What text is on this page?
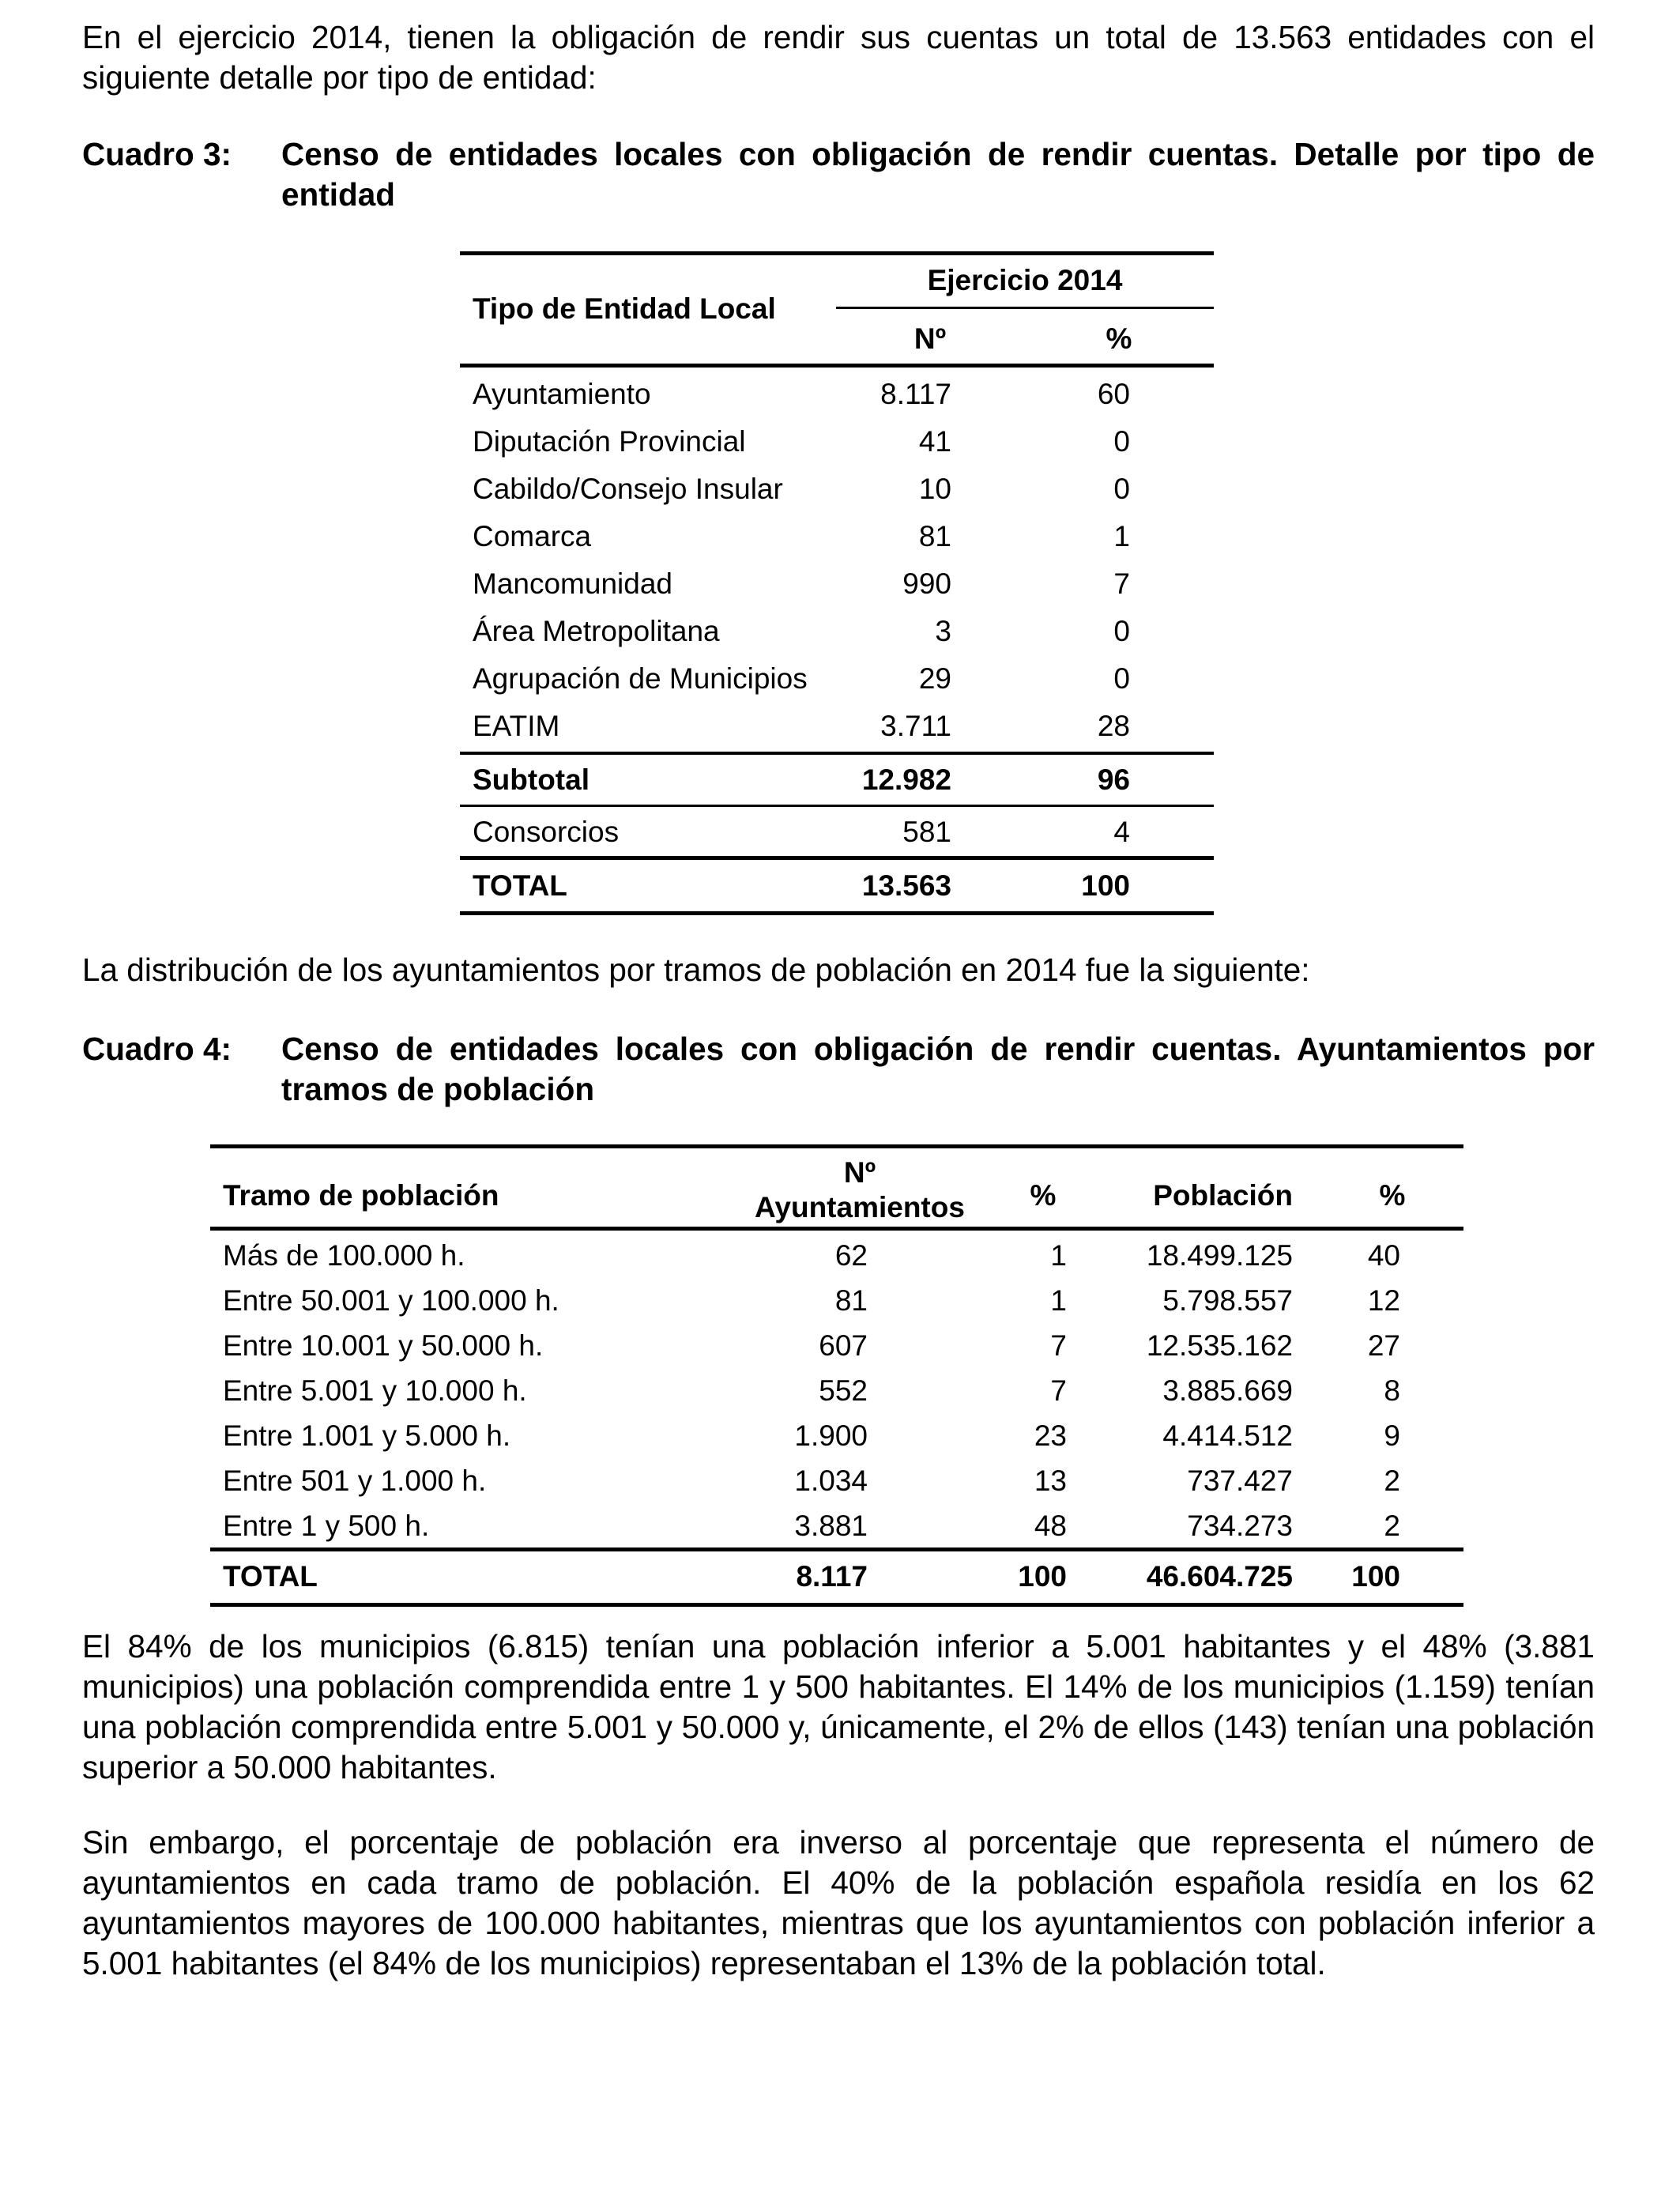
En el ejercicio 2014, tienen la obligación de rendir sus cuentas un total de 13.563 entidades con el siguiente detalle por tipo de entidad:

Cuadro 3: Censo de entidades locales con obligación de rendir cuentas. Detalle por tipo de entidad
Tipo de Entidad Local
Ejercicio 2014
Nº	%
Ayuntamiento	8.117	60
Diputación Provincial	41	0
Cabildo/Consejo Insular	10	0
Comarca	81	1
Mancomunidad	990	7
Área Metropolitana	3	0
Agrupación de Municipios	29	0
EATIM	3.711	28
Subtotal	12.982	96
Consorcios	581	4
TOTAL	13.563	100

La distribución de los ayuntamientos por tramos de población en 2014 fue la siguiente:

Cuadro 4: Censo de entidades locales con obligación de rendir cuentas. Ayuntamientos por tramos de población
Tramo de población
Nº
Ayuntamientos	%	Población	%
Más de 100.000 h.	62	1	18.499.125	40
Entre 50.001 y 100.000 h.	81	1	5.798.557	12
Entre 10.001 y 50.000 h.	607	7	12.535.162	27
Entre 5.001 y 10.000 h.	552	7	3.885.669	8
Entre 1.001 y 5.000 h.	1.900	23	4.414.512	9
Entre 501 y 1.000 h.	1.034	13	737.427	2
Entre 1 y 500 h.	3.881	48	734.273	2
TOTAL	8.117	100	46.604.725 100

El 84% de los municipios (6.815) tenían una población inferior a 5.001 habitantes y el 48% (3.881 municipios) una población comprendida entre 1 y 500 habitantes. El 14% de los municipios (1.159) tenían una población comprendida entre 5.001 y 50.000 y, únicamente, el 2% de ellos (143) tenían una población superior a 50.000 habitantes.

Sin embargo, el porcentaje de población era inverso al porcentaje que representa el número de ayuntamientos en cada tramo de población. El 40% de la población española residía en los 62 ayuntamientos mayores de 100.000 habitantes, mientras que los ayuntamientos con población inferior a 5.001 habitantes (el 84% de los municipios) representaban el 13% de la población total.
